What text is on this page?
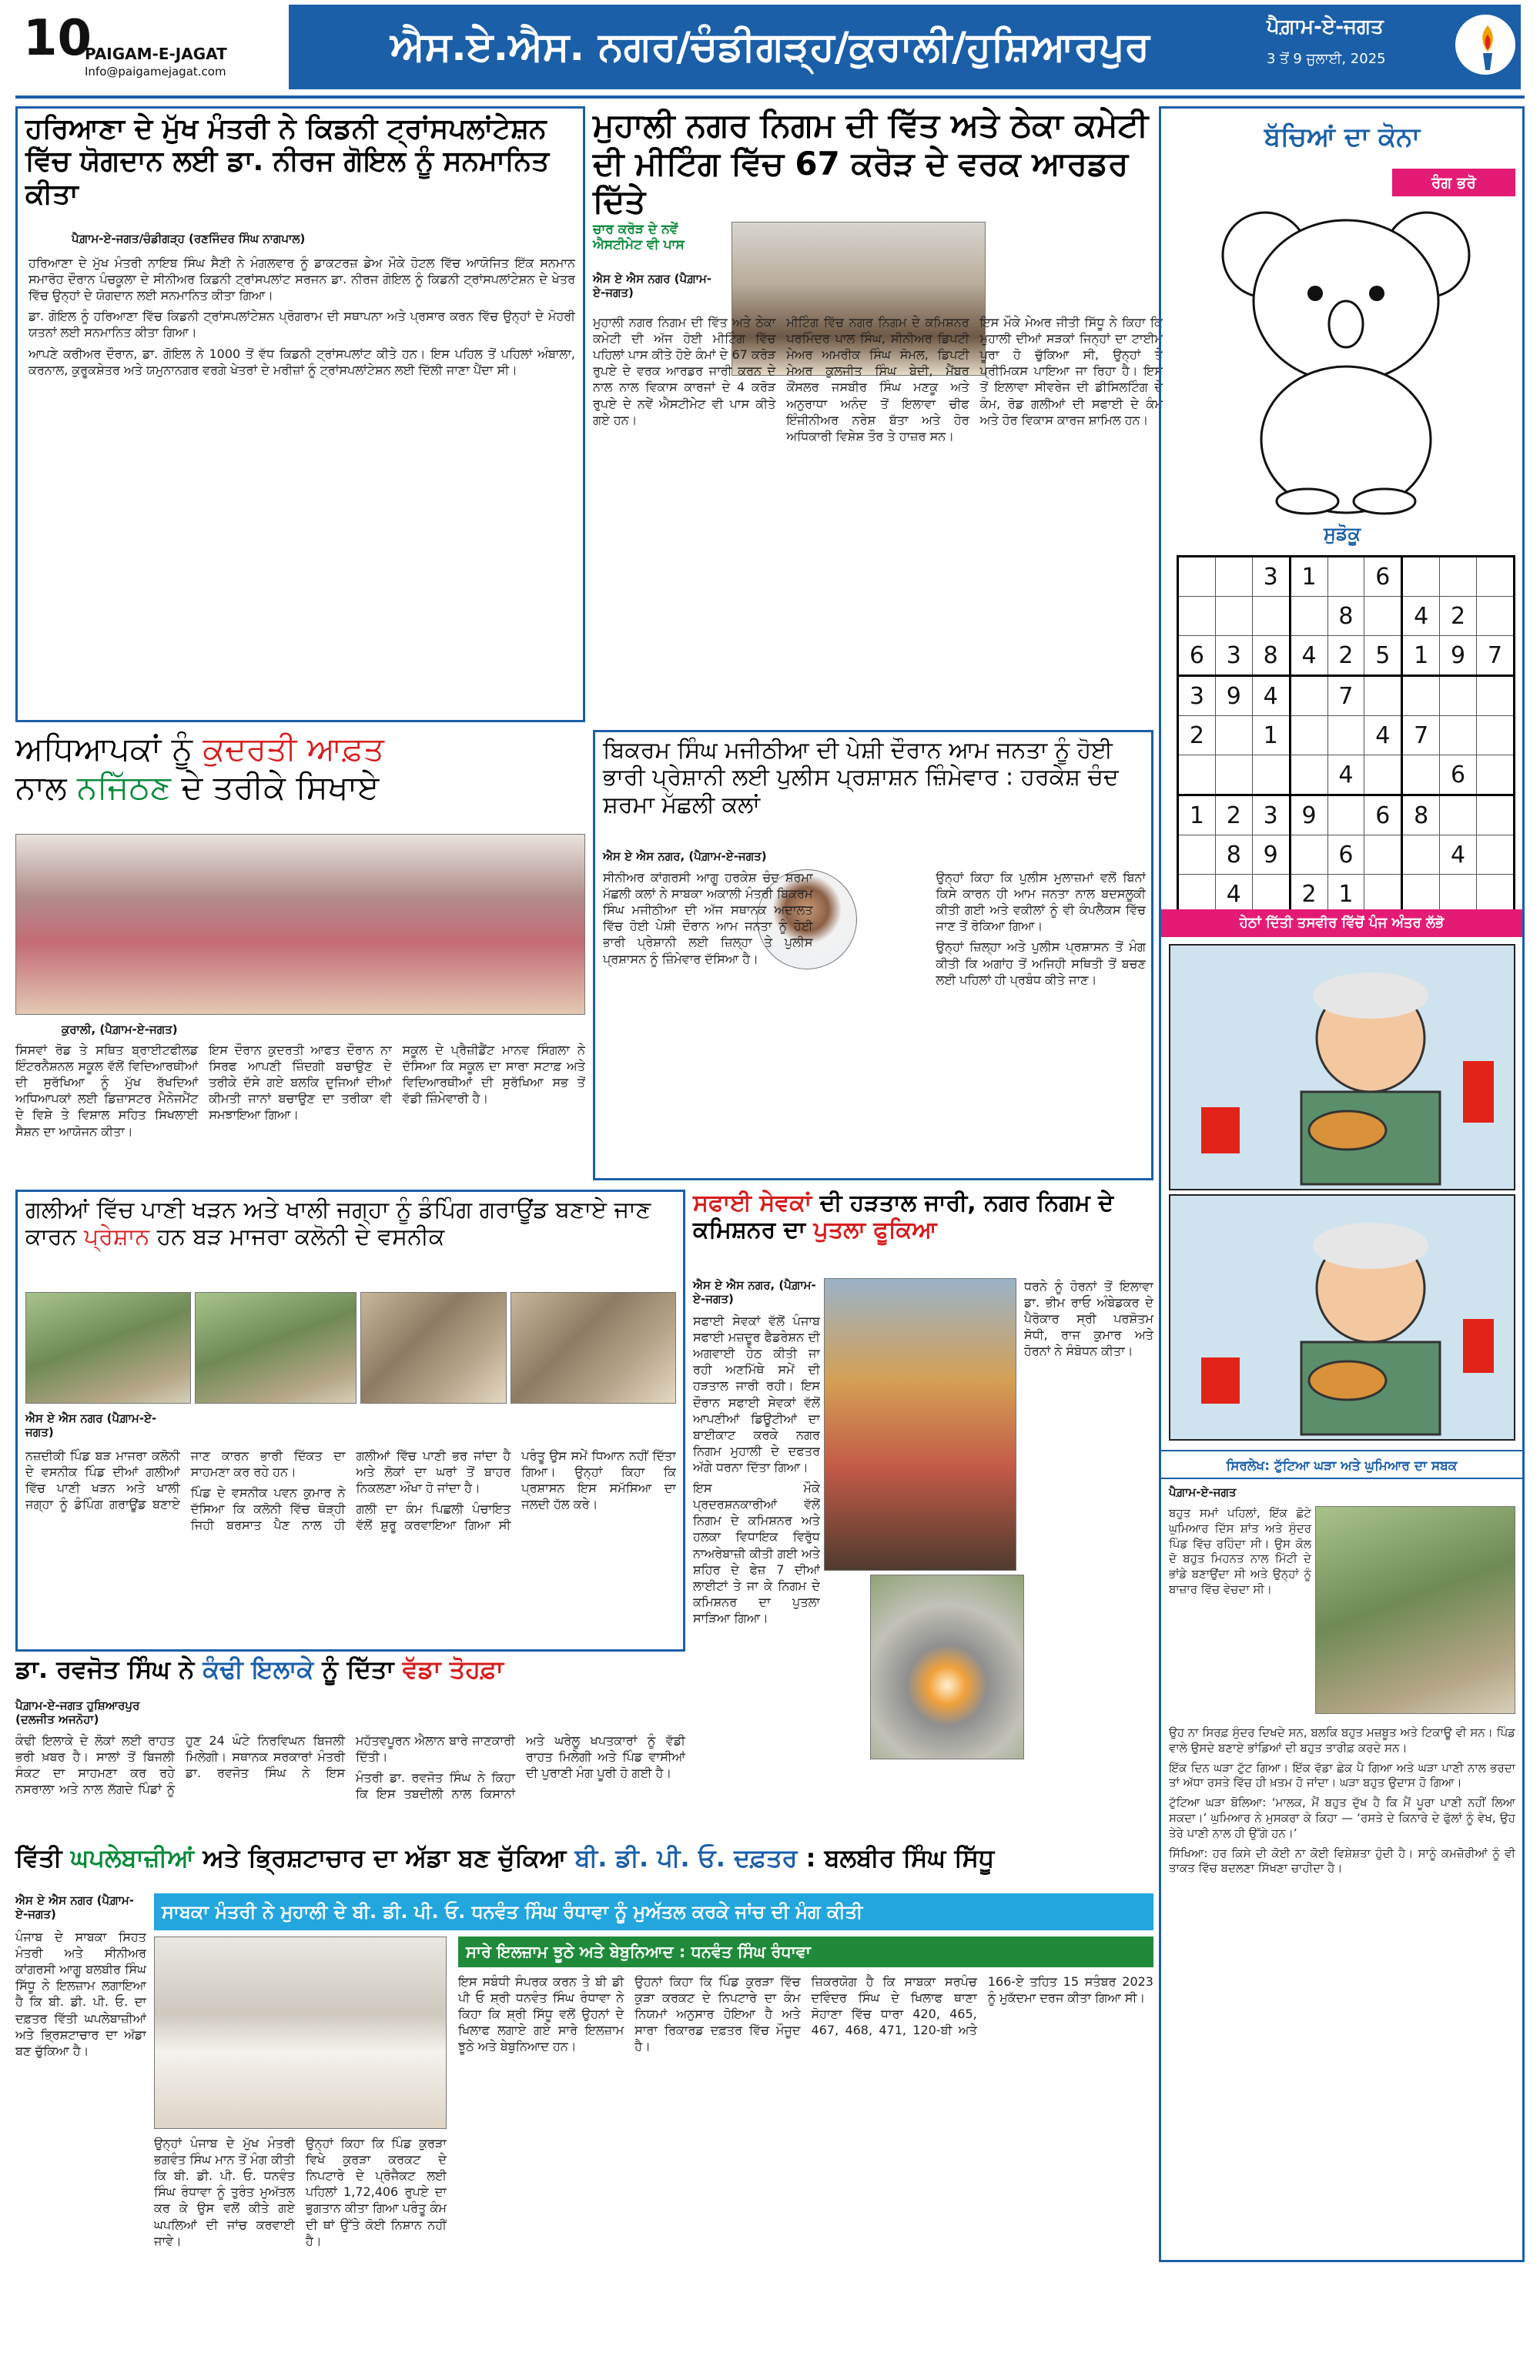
10
PAIGAM-E-JAGAT
Info@paigamejagat.com
ਐਸ.ਏ.ਐਸ. ਨਗਰ/ਚੰਡੀਗੜ੍ਹ/ਕੁਰਾਲੀ/ਹੁਸ਼ਿਆਰਪੁਰ	ਪੈਗ਼ਾਮ-ਏ-ਜਗਤ
3 ਤੋਂ 9 ਜੁਲਾਈ, 2025
ਹਰਿਆਣਾ ਦੇ ਮੁੱਖ ਮੰਤਰੀ ਨੇ ਕਿਡਨੀ ਟ੍ਰਾਂਸਪਲਾਂਟੇਸ਼ਨ ਵਿੱਚ ਯੋਗਦਾਨ ਲਈ ਡਾ. ਨੀਰਜ ਗੋਇਲ ਨੂੰ ਸਨਮਾਨਿਤ ਕੀਤਾ
ਪੈਗ਼ਾਮ-ਏ-ਜਗਤ/ਚੰਡੀਗੜ੍ਹ (ਰਣਜਿੰਦਰ ਸਿੰਘ ਨਾਗਪਾਲ)

ਹਰਿਆਣਾ ਦੇ ਮੁੱਖ ਮੰਤਰੀ ਨਾਇਬ ਸਿੰਘ ਸੈਣੀ ਨੇ ਮੰਗਲਵਾਰ ਨੂੰ ਡਾਕਟਰਜ਼ ਡੇਅ ਮੌਕੇ ਹੋਟਲ ਵਿੱਚ ਆਯੋਜਿਤ ਇੱਕ ਸਨਮਾਨ ਸਮਾਰੋਹ ਦੌਰਾਨ ਪੰਚਕੂਲਾ ਦੇ ਸੀਨੀਅਰ ਕਿਡਨੀ ਟ੍ਰਾਂਸਪਲਾਂਟ ਸਰਜਨ ਡਾ. ਨੀਰਜ ਗੋਇਲ ਨੂੰ ਕਿਡਨੀ ਟ੍ਰਾਂਸਪਲਾਂਟੇਸ਼ਨ ਦੇ ਖੇਤਰ ਵਿੱਚ ਉਨ੍ਹਾਂ ਦੇ ਯੋਗਦਾਨ ਲਈ ਸਨਮਾਨਿਤ ਕੀਤਾ ਗਿਆ।

ਡਾ. ਗੋਇਲ ਨੂੰ ਹਰਿਆਣਾ ਵਿੱਚ ਕਿਡਨੀ ਟ੍ਰਾਂਸਪਲਾਂਟੇਸ਼ਨ ਪ੍ਰੋਗਰਾਮ ਦੀ ਸਥਾਪਨਾ ਅਤੇ ਪ੍ਰਸਾਰ ਕਰਨ ਵਿੱਚ ਉਨ੍ਹਾਂ ਦੇ ਮੋਹਰੀ ਯਤਨਾਂ ਲਈ ਸਨਮਾਨਿਤ ਕੀਤਾ ਗਿਆ।

ਆਪਣੇ ਕਰੀਅਰ ਦੌਰਾਨ, ਡਾ. ਗੋਇਲ ਨੇ 1000 ਤੋਂ ਵੱਧ ਕਿਡਨੀ ਟ੍ਰਾਂਸਪਲਾਂਟ ਕੀਤੇ ਹਨ। ਇਸ ਪਹਿਲ ਤੋਂ ਪਹਿਲਾਂ ਅੰਬਾਲਾ, ਕਰਨਾਲ, ਕੁਰੂਕਸ਼ੇਤਰ ਅਤੇ ਯਮੁਨਾਨਗਰ ਵਰਗੇ ਖੇਤਰਾਂ ਦੇ ਮਰੀਜ਼ਾਂ ਨੂੰ ਟ੍ਰਾਂਸਪਲਾਂਟੇਸ਼ਨ ਲਈ ਦਿੱਲੀ ਜਾਣਾ ਪੈਂਦਾ ਸੀ।

ਮੁਹਾਲੀ ਨਗਰ ਨਿਗਮ ਦੀ ਵਿੱਤ ਅਤੇ ਠੇਕਾ ਕਮੇਟੀ ਦੀ ਮੀਟਿੰਗ ਵਿੱਚ 67 ਕਰੋੜ ਦੇ ਵਰਕ ਆਰਡਰ ਦਿੱਤੇ
ਚਾਰ ਕਰੋੜ ਦੇ ਨਵੇਂ ਐਸਟੀਮੇਟ ਵੀ ਪਾਸ
ਐਸ ਏ ਐਸ ਨਗਰ (ਪੈਗ਼ਾਮ-ਏ-ਜਗਤ)

ਮੁਹਾਲੀ ਨਗਰ ਨਿਗਮ ਦੀ ਵਿੱਤ ਅਤੇ ਠੇਕਾ ਕਮੇਟੀ ਦੀ ਅੱਜ ਹੋਈ ਮੀਟਿੰਗ ਵਿੱਚ ਪਹਿਲਾਂ ਪਾਸ ਕੀਤੇ ਹੋਏ ਕੰਮਾਂ ਦੇ 67 ਕਰੋੜ ਰੁਪਏ ਦੇ ਵਰਕ ਆਰਡਰ ਜਾਰੀ ਕਰਨ ਦੇ ਨਾਲ ਨਾਲ ਵਿਕਾਸ ਕਾਰਜਾਂ ਦੇ 4 ਕਰੋੜ ਰੁਪਏ ਦੇ ਨਵੇਂ ਐਸਟੀਮੇਟ ਵੀ ਪਾਸ ਕੀਤੇ ਗਏ ਹਨ।

ਮੀਟਿੰਗ ਵਿੱਚ ਨਗਰ ਨਿਗਮ ਦੇ ਕਮਿਸ਼ਨਰ ਪਰਮਿੰਦਰ ਪਾਲ ਸਿੰਘ, ਸੀਨੀਅਰ ਡਿਪਟੀ ਮੇਅਰ ਅਮਰੀਕ ਸਿੰਘ ਸੋਮਲ, ਡਿਪਟੀ ਮੇਅਰ ਕੁਲਜੀਤ ਸਿੰਘ ਬੇਦੀ, ਮੈਂਬਰ ਕੌਂਸਲਰ ਜਸਬੀਰ ਸਿੰਘ ਮਣਕੂ ਅਤੇ ਅਨੁਰਾਧਾ ਅਨੰਦ ਤੋਂ ਇਲਾਵਾ ਚੀਫ ਇੰਜੀਨੀਅਰ ਨਰੇਸ਼ ਬੱਤਾ ਅਤੇ ਹੋਰ ਅਧਿਕਾਰੀ ਵਿਸ਼ੇਸ਼ ਤੌਰ ਤੇ ਹਾਜ਼ਰ ਸਨ।

ਇਸ ਮੌਕੇ ਮੇਅਰ ਜੀਤੀ ਸਿੱਧੂ ਨੇ ਕਿਹਾ ਕਿ ਮੁਹਾਲੀ ਦੀਆਂ ਸੜਕਾਂ ਜਿਨ੍ਹਾਂ ਦਾ ਟਾਈਮ ਪੂਰਾ ਹੋ ਚੁੱਕਿਆ ਸੀ, ਉਨ੍ਹਾਂ ਤੇ ਪ੍ਰੀਮਿਕਸ ਪਾਇਆ ਜਾ ਰਿਹਾ ਹੈ। ਇਸ ਤੋਂ ਇਲਾਵਾ ਸੀਵਰੇਜ ਦੀ ਡੀਸਿਲਟਿੰਗ ਦੇ ਕੰਮ, ਰੋਡ ਗਲੀਆਂ ਦੀ ਸਫਾਈ ਦੇ ਕੰਮ ਅਤੇ ਹੋਰ ਵਿਕਾਸ ਕਾਰਜ ਸ਼ਾਮਿਲ ਹਨ।

ਬੱਚਿਆਂ ਦਾ ਕੋਨਾ
ਰੰਗ ਭਰੋ
ਸੁਡੋਕੂ
		3	1		6			
				8		4	2	
6	3	8	4	2	5	1	9	7
3	9	4		7				
2		1			4	7		
				4			6	
1	2	3	9		6	8		
	8	9		6			4	
	4		2	1				
ਹੇਠਾਂ ਦਿੱਤੀ ਤਸਵੀਰ ਵਿੱਚੋਂ ਪੰਜ ਅੰਤਰ ਲੱਭੋ
ਸਿਰਲੇਖ: ਟੁੱਟਿਆ ਘੜਾ ਅਤੇ ਘੁਮਿਆਰ ਦਾ ਸਬਕ
ਪੈਗ਼ਾਮ-ਏ-ਜਗਤ

ਬਹੁਤ ਸਮਾਂ ਪਹਿਲਾਂ, ਇੱਕ ਛੋਟੇ ਘੁਮਿਆਰ ਦਿੱਸ ਸ਼ਾਂਤ ਅਤੇ ਸੁੰਦਰ ਪਿੰਡ ਵਿੱਚ ਰਹਿੰਦਾ ਸੀ। ਉਸ ਕੋਲ ਦੋ ਬਹੁਤ ਮਿਹਨਤ ਨਾਲ ਮਿੱਟੀ ਦੇ ਭਾਂਡੇ ਬਣਾਉਂਦਾ ਸੀ ਅਤੇ ਉਨ੍ਹਾਂ ਨੂੰ ਬਾਜ਼ਾਰ ਵਿੱਚ ਵੇਚਦਾ ਸੀ।

ਉਹ ਨਾ ਸਿਰਫ਼ ਸੁੰਦਰ ਦਿਖਦੇ ਸਨ, ਬਲਕਿ ਬਹੁਤ ਮਜ਼ਬੂਤ ਅਤੇ ਟਿਕਾਊ ਵੀ ਸਨ। ਪਿੰਡ ਵਾਲੇ ਉਸਦੇ ਬਣਾਏ ਭਾਂਡਿਆਂ ਦੀ ਬਹੁਤ ਤਾਰੀਫ਼ ਕਰਦੇ ਸਨ।

ਇੱਕ ਦਿਨ ਘੜਾ ਟੁੱਟ ਗਿਆ। ਇੱਕ ਵੱਡਾ ਛੇਕ ਪੈ ਗਿਆ ਅਤੇ ਘੜਾ ਪਾਣੀ ਨਾਲ ਭਰਦਾ ਤਾਂ ਅੱਧਾ ਰਸਤੇ ਵਿੱਚ ਹੀ ਖ਼ਤਮ ਹੋ ਜਾਂਦਾ। ਘੜਾ ਬਹੁਤ ਉਦਾਸ ਹੋ ਗਿਆ।

ਟੁੱਟਿਆ ਘੜਾ ਬੋਲਿਆ: ‘ਮਾਲਕ, ਮੈਂ ਬਹੁਤ ਦੁੱਖ ਹੈ ਕਿ ਮੈਂ ਪੂਰਾ ਪਾਣੀ ਨਹੀਂ ਲਿਆ ਸਕਦਾ।’ ਘੁਮਿਆਰ ਨੇ ਮੁਸਕਰਾ ਕੇ ਕਿਹਾ — ‘ਰਸਤੇ ਦੇ ਕਿਨਾਰੇ ਦੇ ਫੁੱਲਾਂ ਨੂੰ ਵੇਖ, ਉਹ ਤੇਰੇ ਪਾਣੀ ਨਾਲ ਹੀ ਉੱਗੇ ਹਨ।’

ਸਿੱਖਿਆ: ਹਰ ਕਿਸੇ ਦੀ ਕੋਈ ਨਾ ਕੋਈ ਵਿਸ਼ੇਸ਼ਤਾ ਹੁੰਦੀ ਹੈ। ਸਾਨੂੰ ਕਮਜ਼ੋਰੀਆਂ ਨੂੰ ਵੀ ਤਾਕਤ ਵਿੱਚ ਬਦਲਣਾ ਸਿੱਖਣਾ ਚਾਹੀਦਾ ਹੈ।

ਅਧਿਆਪਕਾਂ ਨੂੰ ਕੁਦਰਤੀ ਆਫ਼ਤ
ਨਾਲ ਨਜਿੱਠਣ ਦੇ ਤਰੀਕੇ ਸਿਖਾਏ
ਕੁਰਾਲੀ, (ਪੈਗ਼ਾਮ-ਏ-ਜਗਤ)

ਸਿਸਵਾਂ ਰੋਡ ਤੇ ਸਥਿਤ ਬ੍ਰਾਈਟਫੀਲਡ ਇੰਟਰਨੈਸ਼ਨਲ ਸਕੂਲ ਵੱਲੋਂ ਵਿਦਿਆਰਥੀਆਂ ਦੀ ਸੁਰੱਖਿਆ ਨੂੰ ਮੁੱਖ ਰੱਖਦਿਆਂ ਅਧਿਆਪਕਾਂ ਲਈ ਡਿਜ਼ਾਸਟਰ ਮੈਨੇਜਮੈਂਟ ਦੇ ਵਿਸ਼ੇ ਤੇ ਵਿਸ਼ਾਲ ਸਹਿਤ ਸਿਖਲਾਈ ਸੈਸ਼ਨ ਦਾ ਆਯੋਜਨ ਕੀਤਾ।

ਇਸ ਦੌਰਾਨ ਕੁਦਰਤੀ ਆਫਤ ਦੌਰਾਨ ਨਾ ਸਿਰਫ ਆਪਣੀ ਜ਼ਿੰਦਗੀ ਬਚਾਉਣ ਦੇ ਤਰੀਕੇ ਦੱਸੇ ਗਏ ਬਲਕਿ ਦੁਜਿਆਂ ਦੀਆਂ ਕੀਮਤੀ ਜਾਨਾਂ ਬਚਾਉਣ ਦਾ ਤਰੀਕਾ ਵੀ ਸਮਝਾਇਆ ਗਿਆ।

ਸਕੂਲ ਦੇ ਪ੍ਰੈਜ਼ੀਡੈਂਟ ਮਾਨਵ ਸਿੰਗਲਾ ਨੇ ਦੱਸਿਆ ਕਿ ਸਕੂਲ ਦਾ ਸਾਰਾ ਸਟਾਫ਼ ਅਤੇ ਵਿਦਿਆਰਥੀਆਂ ਦੀ ਸੁਰੱਖਿਆ ਸਭ ਤੋਂ ਵੱਡੀ ਜ਼ਿੰਮੇਵਾਰੀ ਹੈ।

ਬਿਕਰਮ ਸਿੰਘ ਮਜੀਠੀਆ ਦੀ ਪੇਸ਼ੀ ਦੌਰਾਨ ਆਮ ਜਨਤਾ ਨੂੰ ਹੋਈ ਭਾਰੀ ਪ੍ਰੇਸ਼ਾਨੀ ਲਈ ਪੁਲੀਸ ਪ੍ਰਸ਼ਾਸ਼ਨ ਜ਼ਿੰਮੇਵਾਰ : ਹਰਕੇਸ਼ ਚੰਦ ਸ਼ਰਮਾ ਮੱਛਲੀ ਕਲਾਂ
ਐਸ ਏ ਐਸ ਨਗਰ, (ਪੈਗ਼ਾਮ-ਏ-ਜਗਤ)

ਸੀਨੀਅਰ ਕਾਂਗਰਸੀ ਆਗੂ ਹਰਕੇਸ਼ ਚੰਦ ਸ਼ਰਮਾ ਮੱਛਲੀ ਕਲਾਂ ਨੇ ਸਾਬਕਾ ਅਕਾਲੀ ਮੰਤਰੀ ਬਿਕਰਮ ਸਿੰਘ ਮਜੀਠੀਆ ਦੀ ਅੱਜ ਸਥਾਨਕ ਅਦਾਲਤ ਵਿੱਚ ਹੋਈ ਪੇਸ਼ੀ ਦੌਰਾਨ ਆਮ ਜਨਤਾ ਨੂੰ ਹੋਈ ਭਾਰੀ ਪ੍ਰੇਸ਼ਾਨੀ ਲਈ ਜ਼ਿਲ੍ਹਾ ਤੇ ਪੁਲੀਸ ਪ੍ਰਸ਼ਾਸਨ ਨੂੰ ਜ਼ਿੰਮੇਵਾਰ ਦੱਸਿਆ ਹੈ।

ਉਨ੍ਹਾਂ ਕਿਹਾ ਕਿ ਪੁਲੀਸ ਮੁਲਾਜ਼ਮਾਂ ਵਲੋਂ ਬਿਨਾਂ ਕਿਸੇ ਕਾਰਨ ਹੀ ਆਮ ਜਨਤਾ ਨਾਲ ਬਦਸਲੂਕੀ ਕੀਤੀ ਗਈ ਅਤੇ ਵਕੀਲਾਂ ਨੂੰ ਵੀ ਕੰਪਲੈਕਸ ਵਿੱਚ ਜਾਣ ਤੋਂ ਰੋਕਿਆ ਗਿਆ।

ਉਨ੍ਹਾਂ ਜ਼ਿਲ੍ਹਾ ਅਤੇ ਪੁਲੀਸ ਪ੍ਰਸ਼ਾਸਨ ਤੋਂ ਮੰਗ ਕੀਤੀ ਕਿ ਅਗਾਂਹ ਤੋਂ ਅਜਿਹੀ ਸਥਿਤੀ ਤੋਂ ਬਚਣ ਲਈ ਪਹਿਲਾਂ ਹੀ ਪ੍ਰਬੰਧ ਕੀਤੇ ਜਾਣ।

ਗਲੀਆਂ ਵਿੱਚ ਪਾਣੀ ਖੜਨ ਅਤੇ ਖਾਲੀ ਜਗ੍ਹਾ ਨੂੰ ਡੰਪਿੰਗ ਗਰਾਊਂਡ ਬਣਾਏ ਜਾਣ ਕਾਰਨ ਪ੍ਰੇਸ਼ਾਨ ਹਨ ਬੜ ਮਾਜਰਾ ਕਲੋਨੀ ਦੇ ਵਸਨੀਕ
ਐਸ ਏ ਐਸ ਨਗਰ (ਪੈਗ਼ਾਮ-ਏ-ਜਗਤ)

ਨਜ਼ਦੀਕੀ ਪਿੰਡ ਬੜ ਮਾਜਰਾ ਕਲੋਨੀ ਦੇ ਵਸਨੀਕ ਪਿੰਡ ਦੀਆਂ ਗਲੀਆਂ ਵਿੱਚ ਪਾਣੀ ਖੜਨ ਅਤੇ ਖਾਲੀ ਜਗ੍ਹਾ ਨੂੰ ਡੰਪਿੰਗ ਗਰਾਊਂਡ ਬਣਾਏ ਜਾਣ ਕਾਰਨ ਭਾਰੀ ਦਿੱਕਤ ਦਾ ਸਾਹਮਣਾ ਕਰ ਰਹੇ ਹਨ।

ਪਿੰਡ ਦੇ ਵਸਨੀਕ ਪਵਨ ਕੁਮਾਰ ਨੇ ਦੱਸਿਆ ਕਿ ਕਲੋਨੀ ਵਿੱਚ ਥੋੜ੍ਹੀ ਜਿਹੀ ਬਰਸਾਤ ਪੈਣ ਨਾਲ ਹੀ ਗਲੀਆਂ ਵਿੱਚ ਪਾਣੀ ਭਰ ਜਾਂਦਾ ਹੈ ਅਤੇ ਲੋਕਾਂ ਦਾ ਘਰਾਂ ਤੋਂ ਬਾਹਰ ਨਿਕਲਣਾ ਔਖਾ ਹੋ ਜਾਂਦਾ ਹੈ।

ਗਲੀ ਦਾ ਕੰਮ ਪਿਛਲੀ ਪੰਚਾਇਤ ਵੱਲੋਂ ਸ਼ੁਰੂ ਕਰਵਾਇਆ ਗਿਆ ਸੀ ਪਰੰਤੂ ਉਸ ਸਮੇਂ ਧਿਆਨ ਨਹੀਂ ਦਿੱਤਾ ਗਿਆ। ਉਨ੍ਹਾਂ ਕਿਹਾ ਕਿ ਪ੍ਰਸ਼ਾਸਨ ਇਸ ਸਮੱਸਿਆ ਦਾ ਜਲਦੀ ਹੱਲ ਕਰੇ।

ਸਫਾਈ ਸੇਵਕਾਂ ਦੀ ਹੜਤਾਲ ਜਾਰੀ, ਨਗਰ ਨਿਗਮ ਦੇ ਕਮਿਸ਼ਨਰ ਦਾ ਪੁਤਲਾ ਫੂਕਿਆ
ਐਸ ਏ ਐਸ ਨਗਰ, (ਪੈਗ਼ਾਮ-ਏ-ਜਗਤ)

ਸਫਾਈ ਸੇਵਕਾਂ ਵੱਲੋਂ ਪੰਜਾਬ ਸਫਾਈ ਮਜ਼ਦੂਰ ਫੈਡਰੇਸ਼ਨ ਦੀ ਅਗਵਾਈ ਹੇਠ ਕੀਤੀ ਜਾ ਰਹੀ ਅਣਮਿੱਥੇ ਸਮੇਂ ਦੀ ਹੜਤਾਲ ਜਾਰੀ ਰਹੀ। ਇਸ ਦੌਰਾਨ ਸਫਾਈ ਸੇਵਕਾਂ ਵੱਲੋਂ ਆਪਣੀਆਂ ਡਿਊਟੀਆਂ ਦਾ ਬਾਈਕਾਟ ਕਰਕੇ ਨਗਰ ਨਿਗਮ ਮੁਹਾਲੀ ਦੇ ਦਫਤਰ ਅੱਗੇ ਧਰਨਾ ਦਿੱਤਾ ਗਿਆ।

ਇਸ ਮੌਕੇ ਪ੍ਰਦਰਸ਼ਨਕਾਰੀਆਂ ਵੱਲੋਂ ਨਿਗਮ ਦੇ ਕਮਿਸ਼ਨਰ ਅਤੇ ਹਲਕਾ ਵਿਧਾਇਕ ਵਿਰੁੱਧ ਨਾਅਰੇਬਾਜ਼ੀ ਕੀਤੀ ਗਈ ਅਤੇ ਸ਼ਹਿਰ ਦੇ ਫੇਜ਼ 7 ਦੀਆਂ ਲਾਈਟਾਂ ਤੇ ਜਾ ਕੇ ਨਿਗਮ ਦੇ ਕਮਿਸ਼ਨਰ ਦਾ ਪੁਤਲਾ ਸਾੜਿਆ ਗਿਆ।

ਧਰਨੇ ਨੂੰ ਹੋਰਨਾਂ ਤੋਂ ਇਲਾਵਾ ਡਾ. ਭੀਮ ਰਾਓ ਅੰਬੇਡਕਰ ਦੇ ਪੈਰੋਕਾਰ ਸ੍ਰੀ ਪਰਸ਼ੋਤਮ ਸੋਧੀ, ਰਾਜ ਕੁਮਾਰ ਅਤੇ ਹੋਰਨਾਂ ਨੇ ਸੰਬੋਧਨ ਕੀਤਾ।

ਡਾ. ਰਵਜੋਤ ਸਿੰਘ ਨੇ ਕੰਢੀ ਇਲਾਕੇ ਨੂੰ ਦਿੱਤਾ ਵੱਡਾ ਤੋਹਫ਼ਾ
ਪੈਗ਼ਾਮ-ਏ-ਜਗਤ ਹੁਸ਼ਿਆਰਪੁਰ (ਦਲਜੀਤ ਅਜਨੋਹਾ)

ਕੰਢੀ ਇਲਾਕੇ ਦੇ ਲੋਕਾਂ ਲਈ ਰਾਹਤ ਭਰੀ ਖ਼ਬਰ ਹੈ। ਸਾਲਾਂ ਤੋਂ ਬਿਜਲੀ ਸੰਕਟ ਦਾ ਸਾਹਮਣਾ ਕਰ ਰਹੇ ਨਸਰਾਲਾ ਅਤੇ ਨਾਲ ਲੱਗਦੇ ਪਿੰਡਾਂ ਨੂੰ ਹੁਣ 24 ਘੰਟੇ ਨਿਰਵਿਘਨ ਬਿਜਲੀ ਮਿਲੇਗੀ। ਸਥਾਨਕ ਸਰਕਾਰਾਂ ਮੰਤਰੀ ਡਾ. ਰਵਜੋਤ ਸਿੰਘ ਨੇ ਇਸ ਮਹੱਤਵਪੂਰਨ ਐਲਾਨ ਬਾਰੇ ਜਾਣਕਾਰੀ ਦਿੱਤੀ।

ਮੰਤਰੀ ਡਾ. ਰਵਜੋਤ ਸਿੰਘ ਨੇ ਕਿਹਾ ਕਿ ਇਸ ਤਬਦੀਲੀ ਨਾਲ ਕਿਸਾਨਾਂ ਅਤੇ ਘਰੇਲੂ ਖਪਤਕਾਰਾਂ ਨੂੰ ਵੱਡੀ ਰਾਹਤ ਮਿਲੇਗੀ ਅਤੇ ਪਿੰਡ ਵਾਸੀਆਂ ਦੀ ਪੁਰਾਣੀ ਮੰਗ ਪੂਰੀ ਹੋ ਗਈ ਹੈ।

ਵਿੱਤੀ ਘਪਲੇਬਾਜ਼ੀਆਂ ਅਤੇ ਭ੍ਰਿਸ਼ਟਾਚਾਰ ਦਾ ਅੱਡਾ ਬਣ ਚੁੱਕਿਆ ਬੀ. ਡੀ. ਪੀ. ਓ. ਦਫ਼ਤਰ : ਬਲਬੀਰ ਸਿੰਘ ਸਿੱਧੂ
ਐਸ ਏ ਐਸ ਨਗਰ (ਪੈਗ਼ਾਮ-ਏ-ਜਗਤ)

ਪੰਜਾਬ ਦੇ ਸਾਬਕਾ ਸਿਹਤ ਮੰਤਰੀ ਅਤੇ ਸੀਨੀਅਰ ਕਾਂਗਰਸੀ ਆਗੂ ਬਲਬੀਰ ਸਿੰਘ ਸਿੱਧੂ ਨੇ ਇਲਜ਼ਾਮ ਲਗਾਇਆ ਹੈ ਕਿ ਬੀ. ਡੀ. ਪੀ. ਓ. ਦਾ ਦਫ਼ਤਰ ਵਿੱਤੀ ਘਪਲੇਬਾਜ਼ੀਆਂ ਅਤੇ ਭ੍ਰਿਸ਼ਟਾਚਾਰ ਦਾ ਅੱਡਾ ਬਣ ਚੁੱਕਿਆ ਹੈ।

ਸਾਬਕਾ ਮੰਤਰੀ ਨੇ ਮੁਹਾਲੀ ਦੇ ਬੀ. ਡੀ. ਪੀ. ਓ. ਧਨਵੰਤ ਸਿੰਘ ਰੰਧਾਵਾ ਨੂੰ ਮੁਅੱਤਲ ਕਰਕੇ ਜਾਂਚ ਦੀ ਮੰਗ ਕੀਤੀ

ਉਨ੍ਹਾਂ ਪੰਜਾਬ ਦੇ ਮੁੱਖ ਮੰਤਰੀ ਭਗਵੰਤ ਸਿੰਘ ਮਾਨ ਤੋਂ ਮੰਗ ਕੀਤੀ ਕਿ ਬੀ. ਡੀ. ਪੀ. ਓ. ਧਨਵੰਤ ਸਿੰਘ ਰੰਧਾਵਾ ਨੂੰ ਤੁਰੰਤ ਮੁਅੱਤਲ ਕਰ ਕੇ ਉਸ ਵਲੋਂ ਕੀਤੇ ਗਏ ਘਪਲਿਆਂ ਦੀ ਜਾਂਚ ਕਰਵਾਈ ਜਾਵੇ।

ਉਨ੍ਹਾਂ ਕਿਹਾ ਕਿ ਪਿੰਡ ਕੁਰੜਾ ਵਿਖੇ ਕੁਰੜਾ ਕਰਕਟ ਦੇ ਨਿਪਟਾਰੇ ਦੇ ਪ੍ਰੋਜੈਕਟ ਲਈ ਪਹਿਲਾਂ 1,72,406 ਰੁਪਏ ਦਾ ਭੁਗਤਾਨ ਕੀਤਾ ਗਿਆ ਪਰੰਤੂ ਕੰਮ ਦੀ ਥਾਂ ਉੱਤੇ ਕੋਈ ਨਿਸ਼ਾਨ ਨਹੀਂ ਹੈ।

ਸਾਰੇ ਇਲਜ਼ਾਮ ਝੂਠੇ ਅਤੇ ਬੇਬੁਨਿਆਦ : ਧਨਵੰਤ ਸਿੰਘ ਰੰਧਾਵਾ

ਇਸ ਸਬੰਧੀ ਸੰਪਰਕ ਕਰਨ ਤੇ ਬੀ ਡੀ ਪੀ ਓ ਸ਼੍ਰੀ ਧਨਵੰਤ ਸਿੰਘ ਰੰਧਾਵਾ ਨੇ ਕਿਹਾ ਕਿ ਸ਼੍ਰੀ ਸਿੱਧੂ ਵਲੋਂ ਉਹਨਾਂ ਦੇ ਖਿਲਾਫ ਲਗਾਏ ਗਏ ਸਾਰੇ ਇਲਜ਼ਾਮ ਝੂਠੇ ਅਤੇ ਬੇਬੁਨਿਆਦ ਹਨ।

ਉਹਨਾਂ ਕਿਹਾ ਕਿ ਪਿੰਡ ਕੁਰੜਾ ਵਿੱਚ ਕੁੜਾ ਕਰਕਟ ਦੇ ਨਿਪਟਾਰੇ ਦਾ ਕੰਮ ਨਿਯਮਾਂ ਅਨੁਸਾਰ ਹੋਇਆ ਹੈ ਅਤੇ ਸਾਰਾ ਰਿਕਾਰਡ ਦਫ਼ਤਰ ਵਿੱਚ ਮੌਜੂਦ ਹੈ।

ਜ਼ਿਕਰਯੋਗ ਹੈ ਕਿ ਸਾਬਕਾ ਸਰਪੰਚ ਦਵਿੰਦਰ ਸਿੰਘ ਦੇ ਖਿਲਾਫ ਥਾਣਾ ਸੋਹਾਣਾ ਵਿੱਚ ਧਾਰਾ 420, 465, 467, 468, 471, 120-ਬੀ ਅਤੇ 166-ਏ ਤਹਿਤ 15 ਸਤੰਬਰ 2023 ਨੂੰ ਮੁਕੱਦਮਾ ਦਰਜ ਕੀਤਾ ਗਿਆ ਸੀ।
